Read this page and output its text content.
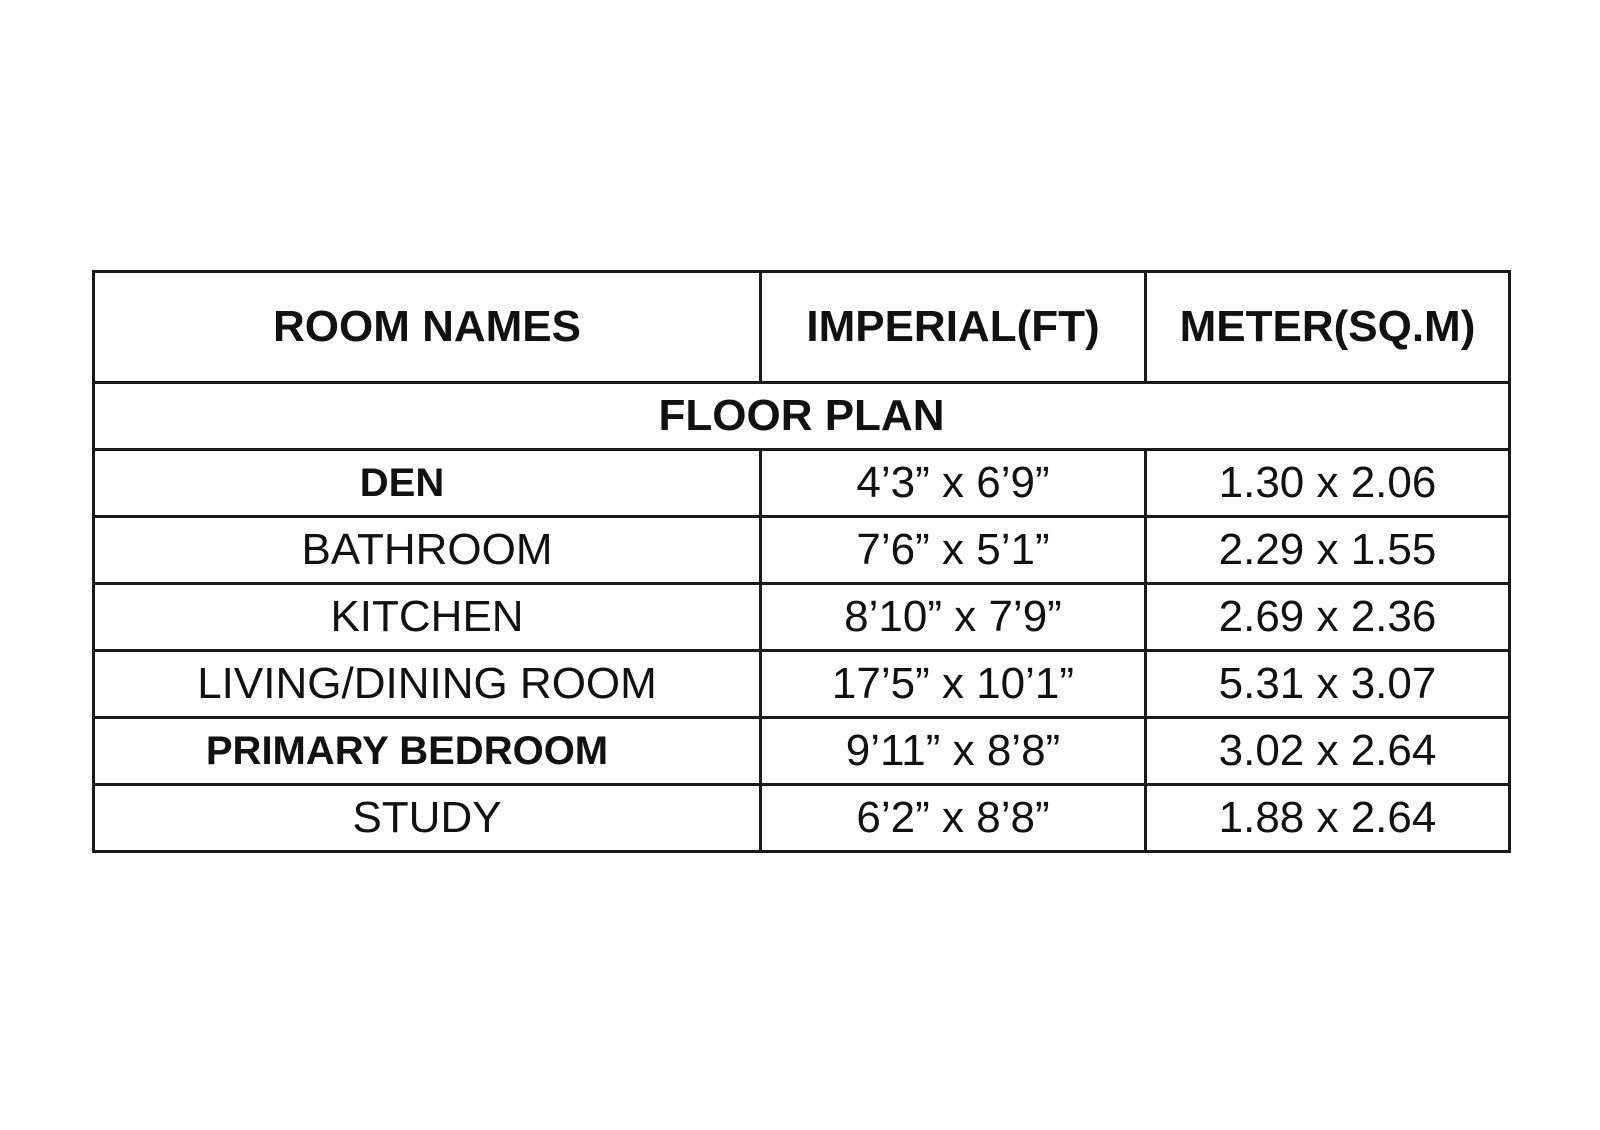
ROOM NAMES	IMPERIAL(FT)	METER(SQ.M)
FLOOR PLAN		
DEN	4’3” x 6’9”	1.30 x 2.06
BATHROOM	7’6” x 5’1”	2.29 x 1.55
KITCHEN	8’10” x 7’9”	2.69 x 2.36
LIVING/DINING ROOM	17’5” x 10’1”	5.31 x 3.07
PRIMARY BEDROOM	9’11” x 8’8”	3.02 x 2.64
STUDY	6’2” x 8’8”	1.88 x 2.64
